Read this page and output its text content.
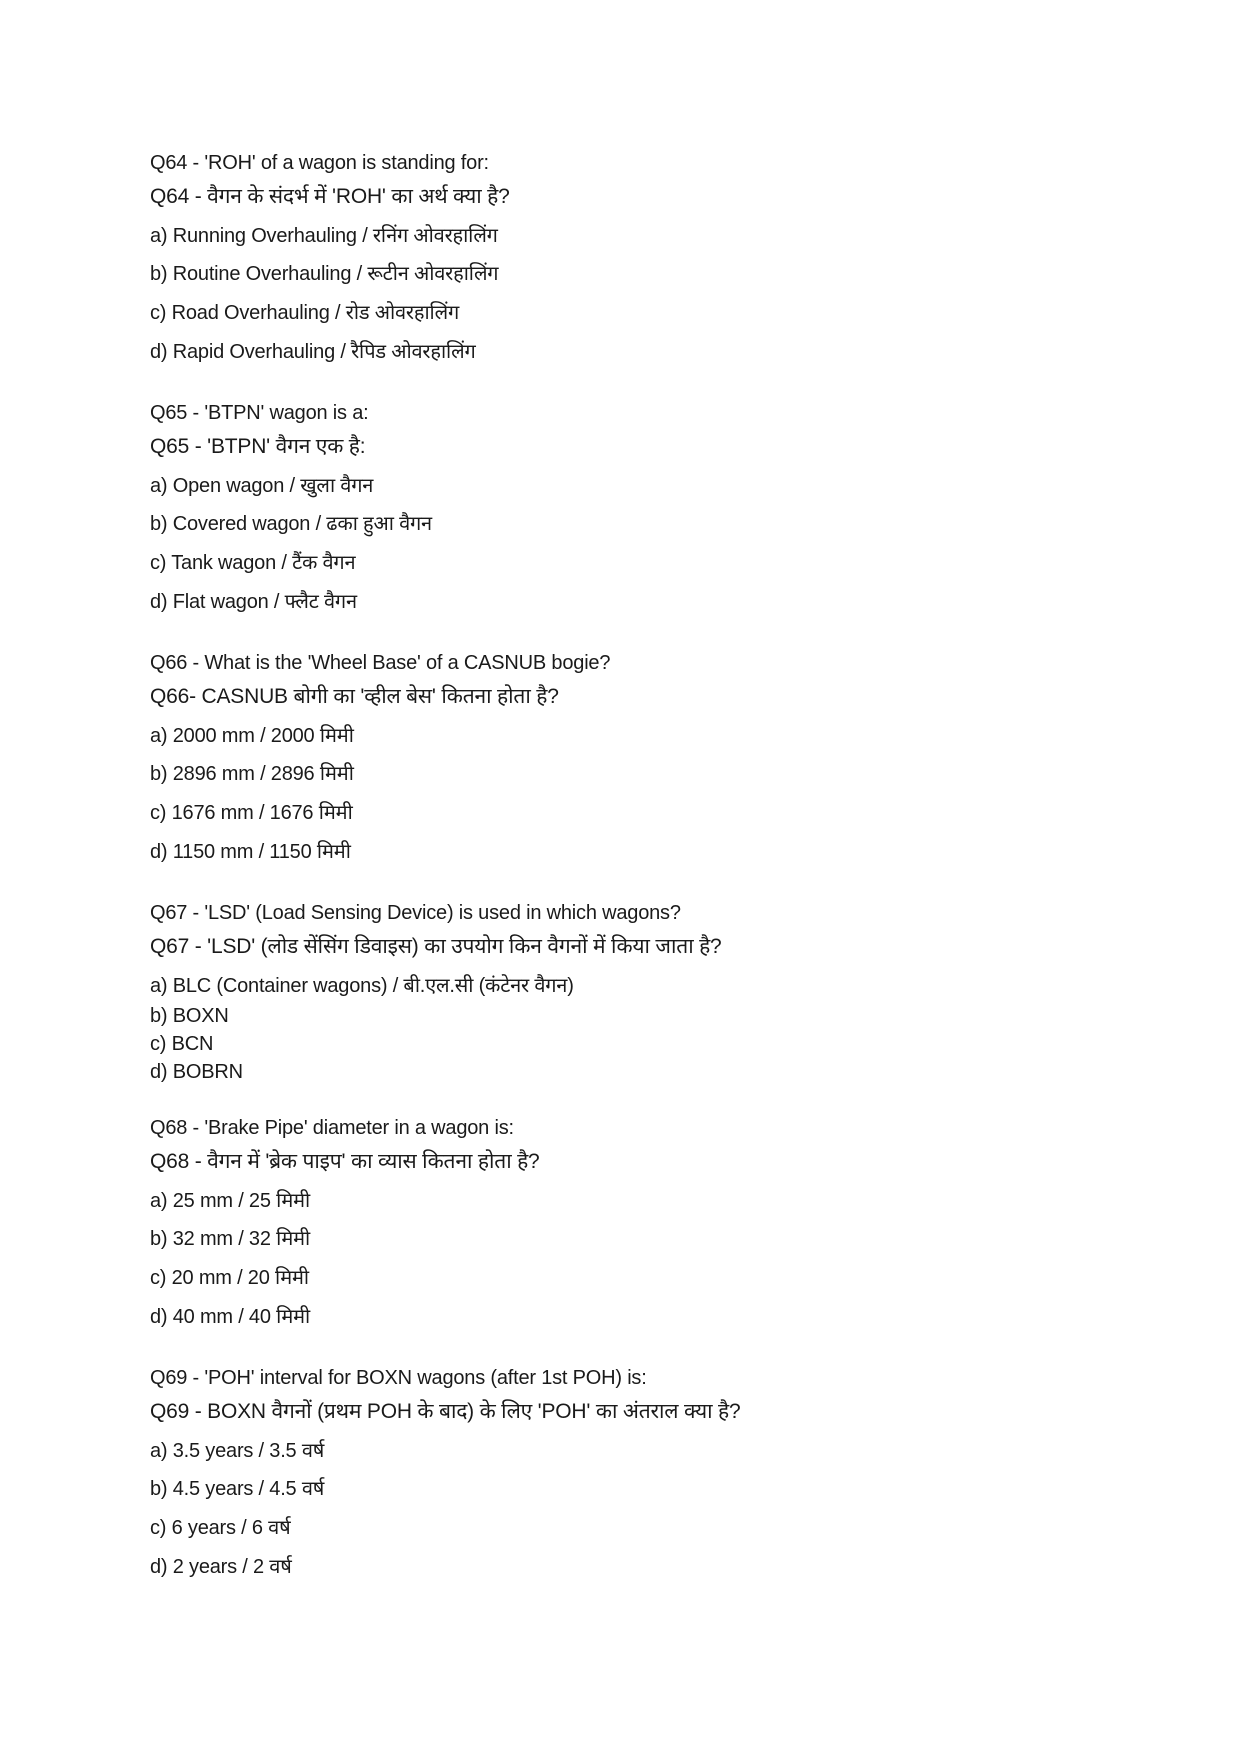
Q64 - 'ROH' of a wagon is standing for:
Q64 - वैगन के संदर्भ में 'ROH' का अर्थ क्या है?
a) Running Overhauling / रनिंग ओवरहालिंग
b) Routine Overhauling / रूटीन ओवरहालिंग
c) Road Overhauling / रोड ओवरहालिंग
d) Rapid Overhauling / रैपिड ओवरहालिंग
Q65 - 'BTPN' wagon is a:
Q65 - 'BTPN' वैगन एक है:
a) Open wagon / खुला वैगन
b) Covered wagon / ढका हुआ वैगन
c) Tank wagon / टैंक वैगन
d) Flat wagon / फ्लैट वैगन
Q66 - What is the 'Wheel Base' of a CASNUB bogie?
Q66- CASNUB बोगी का 'व्हील बेस' कितना होता है?
a) 2000 mm / 2000 मिमी
b) 2896 mm / 2896 मिमी
c) 1676 mm / 1676 मिमी
d) 1150 mm / 1150 मिमी
Q67 - 'LSD' (Load Sensing Device) is used in which wagons?
Q67 - 'LSD' (लोड सेंसिंग डिवाइस) का उपयोग किन वैगनों में किया जाता है?
a) BLC (Container wagons) / बी.एल.सी (कंटेनर वैगन)
b) BOXN
c) BCN
d) BOBRN
Q68 - 'Brake Pipe' diameter in a wagon is:
Q68 - वैगन में 'ब्रेक पाइप' का व्यास कितना होता है?
a) 25 mm / 25 मिमी
b) 32 mm / 32 मिमी
c) 20 mm / 20 मिमी
d) 40 mm / 40 मिमी
Q69 - 'POH' interval for BOXN wagons (after 1st POH) is:
Q69 - BOXN वैगनों (प्रथम POH के बाद) के लिए 'POH' का अंतराल क्या है?
a) 3.5 years / 3.5 वर्ष
b) 4.5 years / 4.5 वर्ष
c) 6 years / 6 वर्ष
d) 2 years / 2 वर्ष
